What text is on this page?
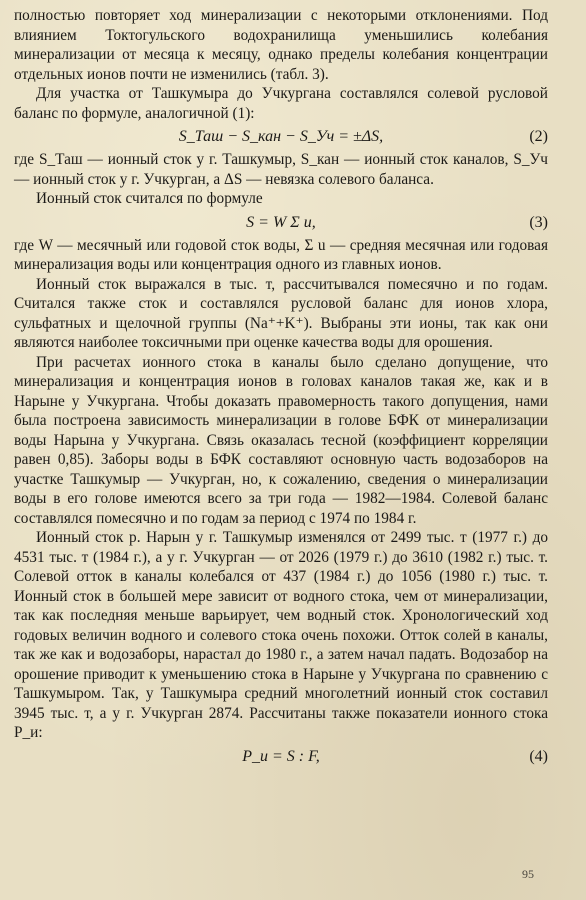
полностью повторяет ход минерализации с некоторыми отклонениями. Под влиянием Токтогульского водохранилища уменьшились колебания минерализации от месяца к месяцу, однако пределы колебания концентрации отдельных ионов почти не изменились (табл. 3).

Для участка от Ташкумыра до Учкургана составлялся солевой русловой баланс по формуле, аналогичной (1):

S_Таш − S_кан − S_Уч = ±ΔS,	(2)

где S_Таш — ионный сток у г. Ташкумыр, S_кан — ионный сток каналов, S_Уч — ионный сток у г. Учкурган, а ΔS — невязка солевого баланса.

Ионный сток считался по формуле

S = W Σ u,	(3)

где W — месячный или годовой сток воды, Σ u — средняя месячная или годовая минерализация воды или концентрация одного из главных ионов.

Ионный сток выражался в тыс. т, рассчитывался помесячно и по годам. Считался также сток и составлялся русловой баланс для ионов хлора, сульфатных и щелочной группы (Na⁺+K⁺). Выбраны эти ионы, так как они являются наиболее токсичными при оценке качества воды для орошения.

При расчетах ионного стока в каналы было сделано допущение, что минерализация и концентрация ионов в головах каналов такая же, как и в Нарыне у Учкургана. Чтобы доказать правомерность такого допущения, нами была построена зависимость минерализации в голове БФК от минерализации воды Нарына у Учкургана. Связь оказалась тесной (коэффициент корреляции равен 0,85). Заборы воды в БФК составляют основную часть водозаборов на участке Ташкумыр — Учкурган, но, к сожалению, сведения о минерализации воды в его голове имеются всего за три года — 1982—1984. Солевой баланс составлялся помесячно и по годам за период с 1974 по 1984 г.

Ионный сток р. Нарын у г. Ташкумыр изменялся от 2499 тыс. т (1977 г.) до 4531 тыс. т (1984 г.), а у г. Учкурган — от 2026 (1979 г.) до 3610 (1982 г.) тыс. т. Солевой отток в каналы колебался от 437 (1984 г.) до 1056 (1980 г.) тыс. т. Ионный сток в большей мере зависит от водного стока, чем от минерализации, так как последняя меньше варьирует, чем водный сток. Хронологический ход годовых величин водного и солевого стока очень похожи. Отток солей в каналы, так же как и водозаборы, нарастал до 1980 г., а затем начал падать. Водозабор на орошение приводит к уменьшению стока в Нарыне у Учкургана по сравнению с Ташкумыром. Так, у Ташкумыра средний многолетний ионный сток составил 3945 тыс. т, а у г. Учкурган 2874. Рассчитаны также показатели ионного стока P_и:

P_и = S : F,	(4)
95
